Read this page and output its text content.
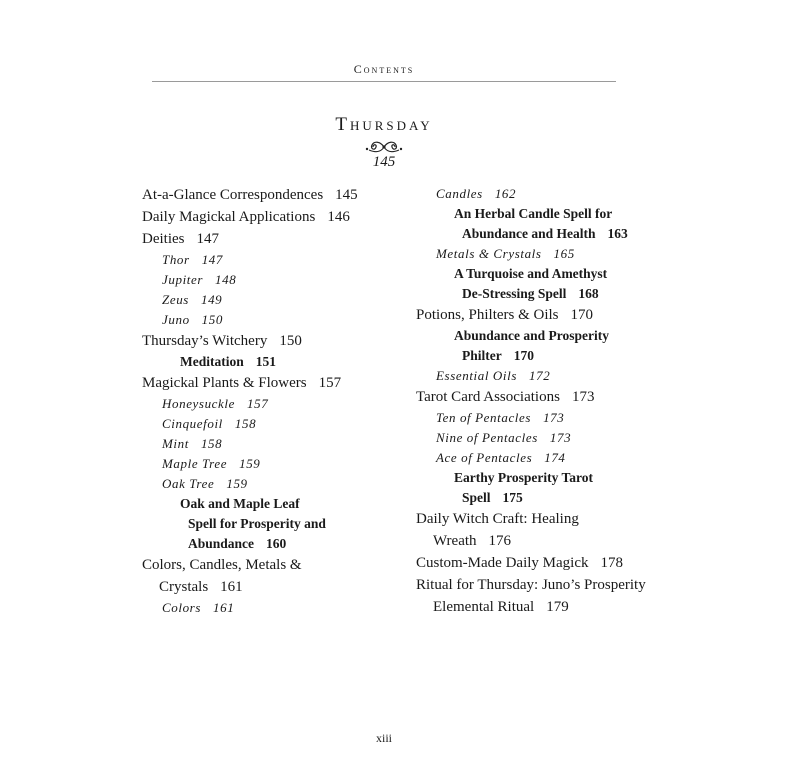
Contents
Thursday
145
At-a-Glance Correspondences 145
Daily Magickal Applications 146
Deities 147
Thor 147
Jupiter 148
Zeus 149
Juno 150
Thursday’s Witchery 150
Meditation 151
Magickal Plants & Flowers 157
Honeysuckle 157
Cinquefoil 158
Mint 158
Maple Tree 159
Oak Tree 159
Oak and Maple Leaf
Spell for Prosperity and
Abundance 160
Colors, Candles, Metals &
Crystals 161
Colors 161
Candles 162
An Herbal Candle Spell for
Abundance and Health 163
Metals & Crystals 165
A Turquoise and Amethyst
De-Stressing Spell 168
Potions, Philters & Oils 170
Abundance and Prosperity
Philter 170
Essential Oils 172
Tarot Card Associations 173
Ten of Pentacles 173
Nine of Pentacles 173
Ace of Pentacles 174
Earthy Prosperity Tarot
Spell 175
Daily Witch Craft: Healing
Wreath 176
Custom-Made Daily Magick 178
Ritual for Thursday: Juno’s Prosperity
Elemental Ritual 179
xiii
